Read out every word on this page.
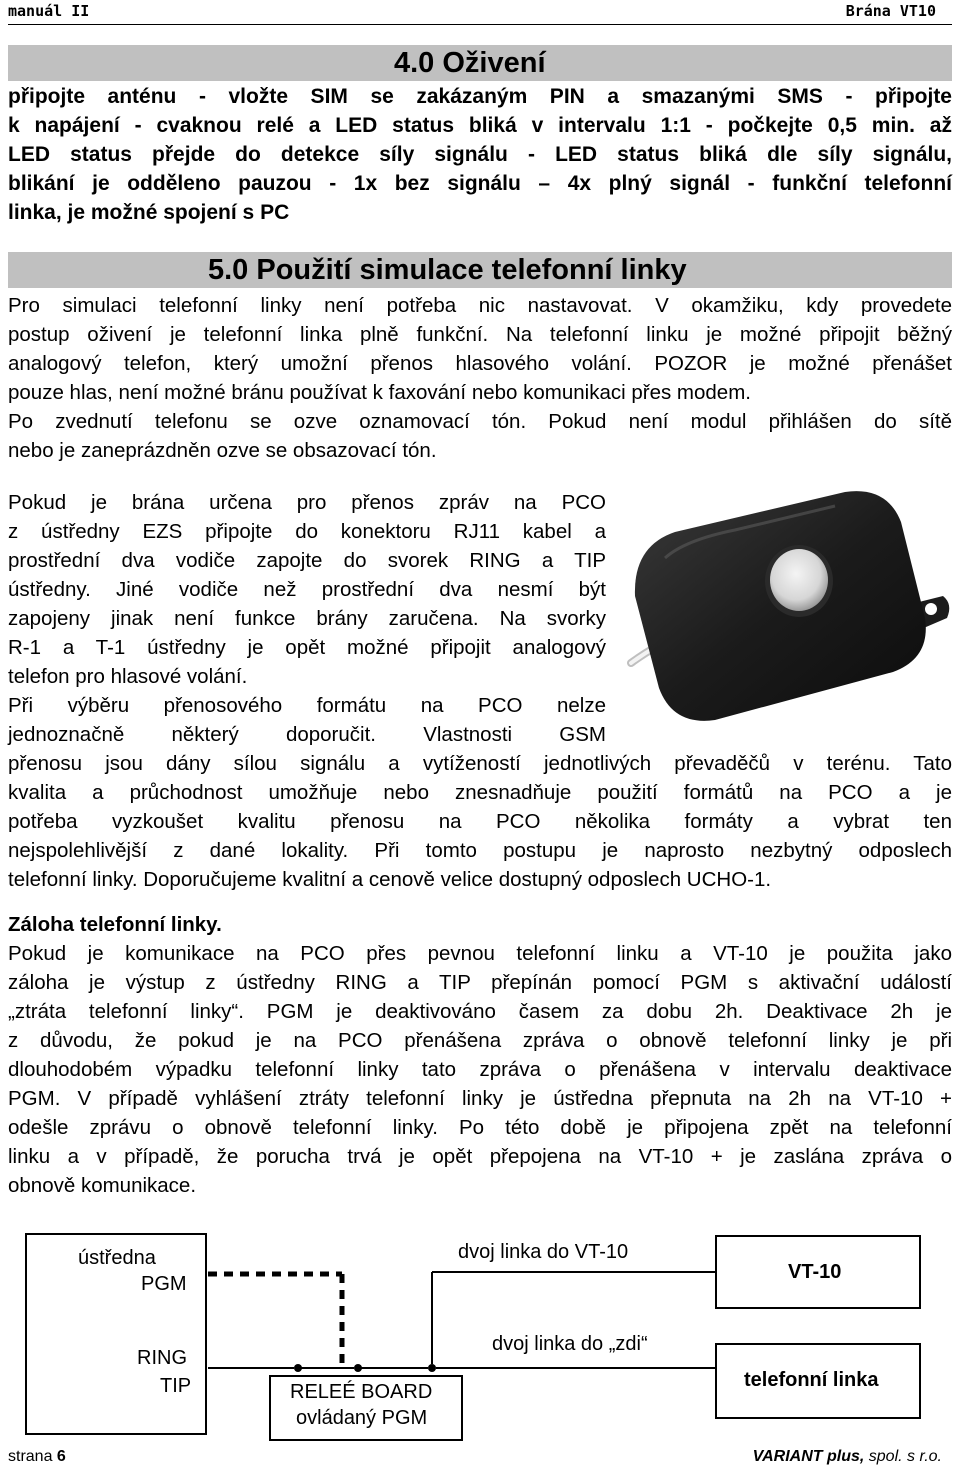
manuál II	Brána VT10
4.0 Oživení
připojte anténu - vložte SIM se zakázaným PIN a smazanými SMS - připojte
k napájení - cvaknou relé a LED status bliká v intervalu 1:1 - počkejte 0,5 min. až
LED status přejde do detekce síly signálu - LED status bliká dle síly signálu,
blikání je odděleno pauzou - 1x bez signálu – 4x plný signál - funkční telefonní
linka, je možné spojení s PC
5.0 Použití simulace telefonní linky
Pro simulaci telefonní linky není potřeba nic nastavovat. V okamžiku, kdy provedete
postup oživení je telefonní linka plně funkční. Na telefonní linku je možné připojit běžný
analogový telefon, který umožní přenos hlasového volání. POZOR je možné přenášet
pouze hlas, není možné bránu používat k faxování nebo komunikaci přes modem.
Po zvednutí telefonu se ozve oznamovací tón. Pokud není modul přihlášen do sítě
nebo je zaneprázdněn ozve se obsazovací tón.
Pokud je brána určena pro přenos zpráv na PCO
z ústředny EZS připojte do konektoru RJ11 kabel a
prostřední dva vodiče zapojte do svorek RING a TIP
ústředny. Jiné vodiče než prostřední dva nesmí být
zapojeny jinak není funkce brány zaručena. Na svorky
R-1 a T-1 ústředny je opět možné připojit analogový
telefon pro hlasové volání.
Při výběru přenosového formátu na PCO nelze
jednoznačně některý doporučit. Vlastnosti GSM
přenosu jsou dány sílou signálu a vytížeností jednotlivých převaděčů v terénu. Tato
kvalita a průchodnost umožňuje nebo znesnadňuje použití formátů na PCO a je
potřeba vyzkoušet kvalitu přenosu na PCO několika formáty a vybrat ten
nejspolehlivější z dané lokality. Při tomto postupu je naprosto nezbytný odposlech
telefonní linky. Doporučujeme kvalitní a cenově velice dostupný odposlech UCHO-1.
Záloha telefonní linky.
Pokud je komunikace na PCO přes pevnou telefonní linku a VT-10 je použita jako
záloha je výstup z ústředny RING a TIP přepínán pomocí PGM s aktivační událostí
„ztráta telefonní linky“. PGM je deaktivováno časem za dobu 2h. Deaktivace 2h je
z důvodu, že pokud je na PCO přenášena zpráva o obnově telefonní linky je při
dlouhodobém výpadku telefonní linky tato zpráva o přenášena v intervalu deaktivace
PGM. V případě vyhlášení ztráty telefonní linky je ústředna přepnuta na 2h na VT-10 +
odešle zprávu o obnově telefonní linky. Po této době je připojena zpět na telefonní
linku a v případě, že porucha trvá je opět přepojena na VT-10 + je zaslána zpráva o
obnově komunikace.
ústředna
PGM
RING
TIP	RELEÉ BOARD
ovládaný PGM
dvoj linka do VT-10
dvoj linka do „zdi“
VT-10
telefonní linka
strana 6	VARIANT plus, spol. s r.o.
